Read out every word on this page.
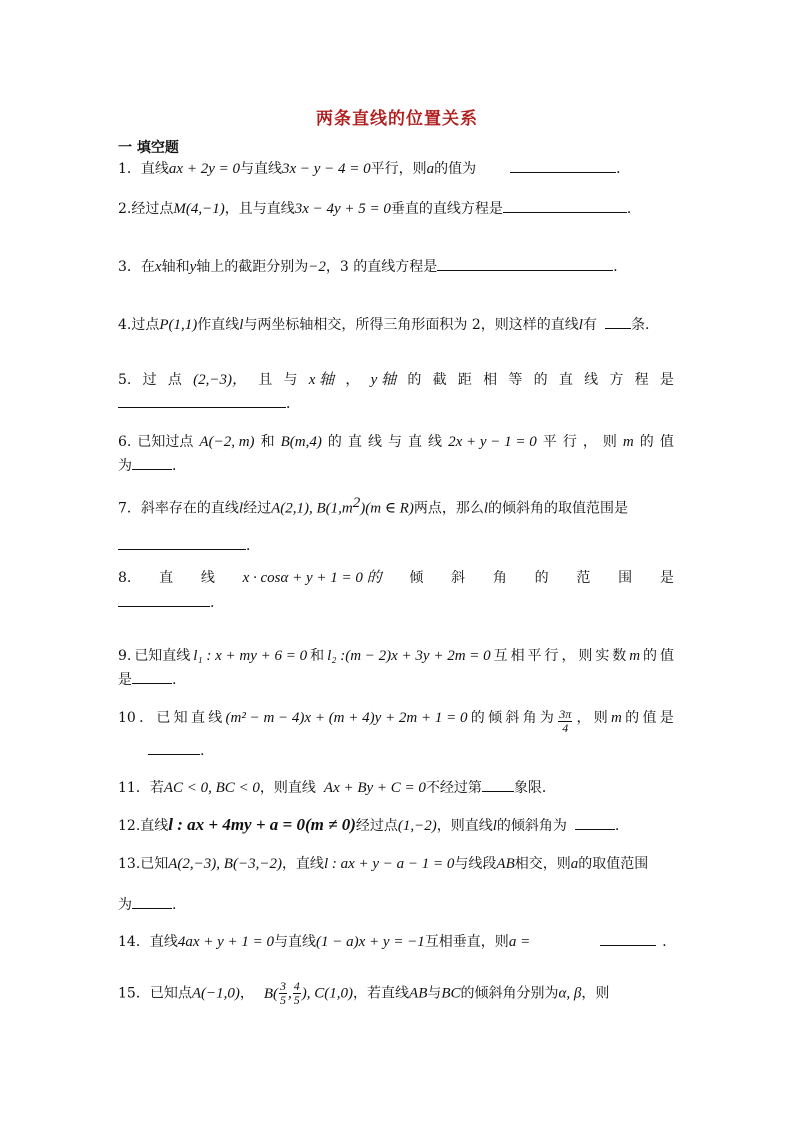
两条直线的位置关系
一 填空题
1．直线ax + 2y = 0与直线3x − y − 4 = 0平行，则a的值为	．
2.经过点M(4,−1)，且与直线3x − 4y + 5 = 0垂直的直线方程是	．
3．在x轴和y轴上的截距分别为−2，3 的直线方程是	．
4.过点P(1,1)作直线l与两坐标轴相交，所得三角形面积为 2，则这样的直线l有 条.
5. 过 点 (2,−3)， 且 与 x 轴 ， y 轴 的 截 距 相 等 的 直 线 方 程 是
．
6. 已知过点 A(−2, m) 和 B(m,4) 的 直 线 与 直 线 2x + y − 1 = 0 平 行 ， 则 m 的 值
为	．
7．斜率存在的直线l经过A(2,1), $B(1,m^2)(m$ ∈ R)两点，那么l的倾斜角的取值范围是
．
8. 直 线 x · cosα + y + 1 = 0 的 倾 斜 角 的 范 围 是
.
9. 已知直线 l₁ : x + my + 6 = 0 和 l₂ :(m − 2)x + 3y + 2m = 0 互 相 平 行 ， 则 实 数 m 的 值
是	.
10 ． 已 知 直 线 (m² − m − 4)x + (m + 4)y + 2m + 1 = 0 的 倾 斜 角 为 $\frac{3\pi}{4}$ ， 则 m 的 值 是
.
11．若AC < 0, BC < 0，则直线 Ax + By + C = 0不经过第 象限．
12.直线l : ax + 4my + a = 0(m ≠ 0)经过点(1,−2)，则直线l的倾斜角为	.
13.已知A(2,−3), B(−3,−2)，直线l : ax + y − a − 1 = 0与线段AB相交，则a的取值范围
为	.
14．直线4ax + y + 1 = 0与直线(1 − a)x + y = −1互相垂直，则a =	．
15．已知点A(−1,0)， $B( \frac{3}{5}$ , $\frac{4}{5}$ ), C(1,0)，若直线AB与BC的倾斜角分别为α, β，则
